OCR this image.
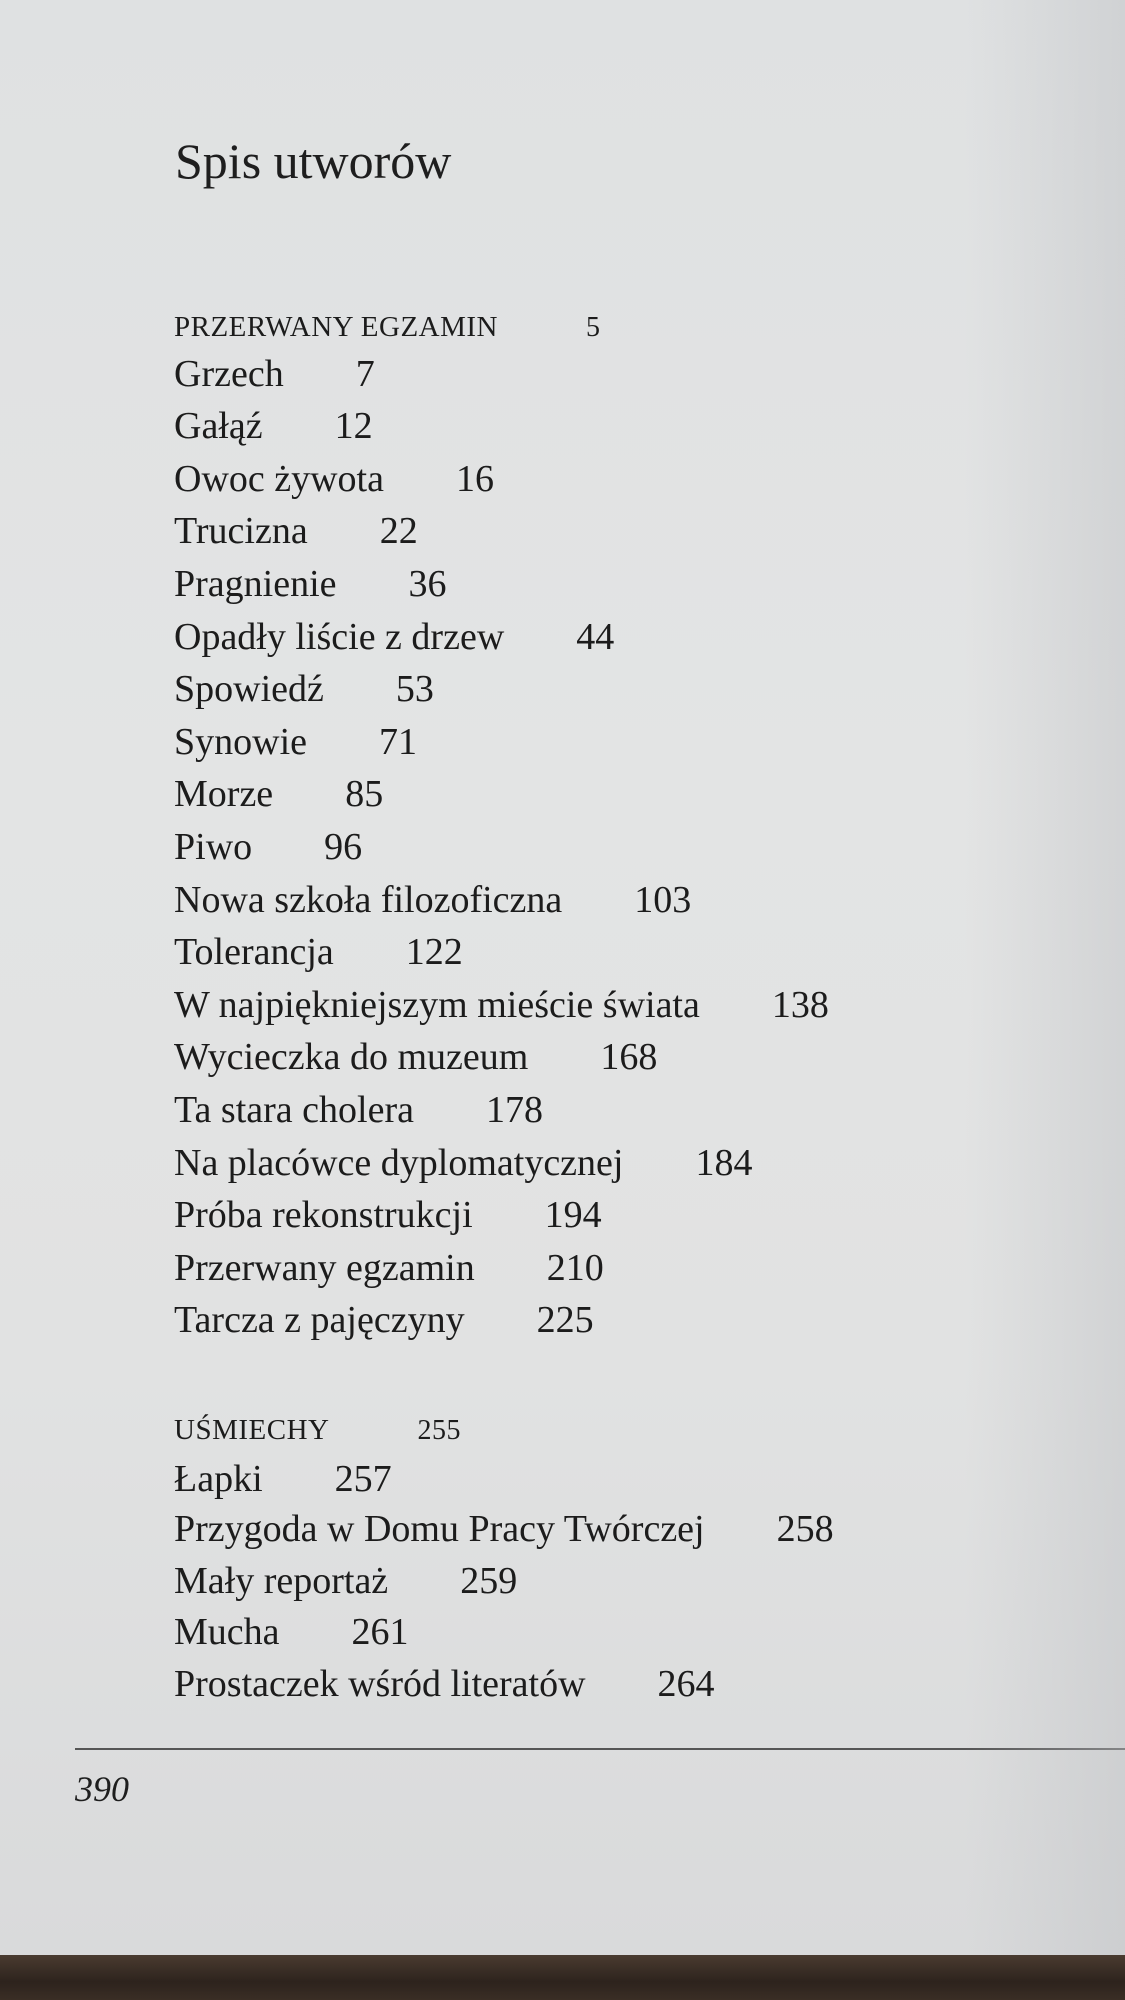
Spis utworów
PRZERWANY EGZAMIN	5
Grzech 7
Gałąź 12
Owoc żywota 16
Trucizna 22
Pragnienie 36
Opadły liście z drzew 44
Spowiedź 53
Synowie 71
Morze 85
Piwo 96
Nowa szkoła filozoficzna 103
Tolerancja 122
W najpiękniejszym mieście świata 138
Wycieczka do muzeum 168
Ta stara cholera 178
Na placówce dyplomatycznej 184
Próba rekonstrukcji 194
Przerwany egzamin 210
Tarcza z pajęczyny 225
UŚMIECHY	255
Łapki 257
Przygoda w Domu Pracy Twórczej 258
Mały reportaż 259
Mucha 261
Prostaczek wśród literatów 264

390
